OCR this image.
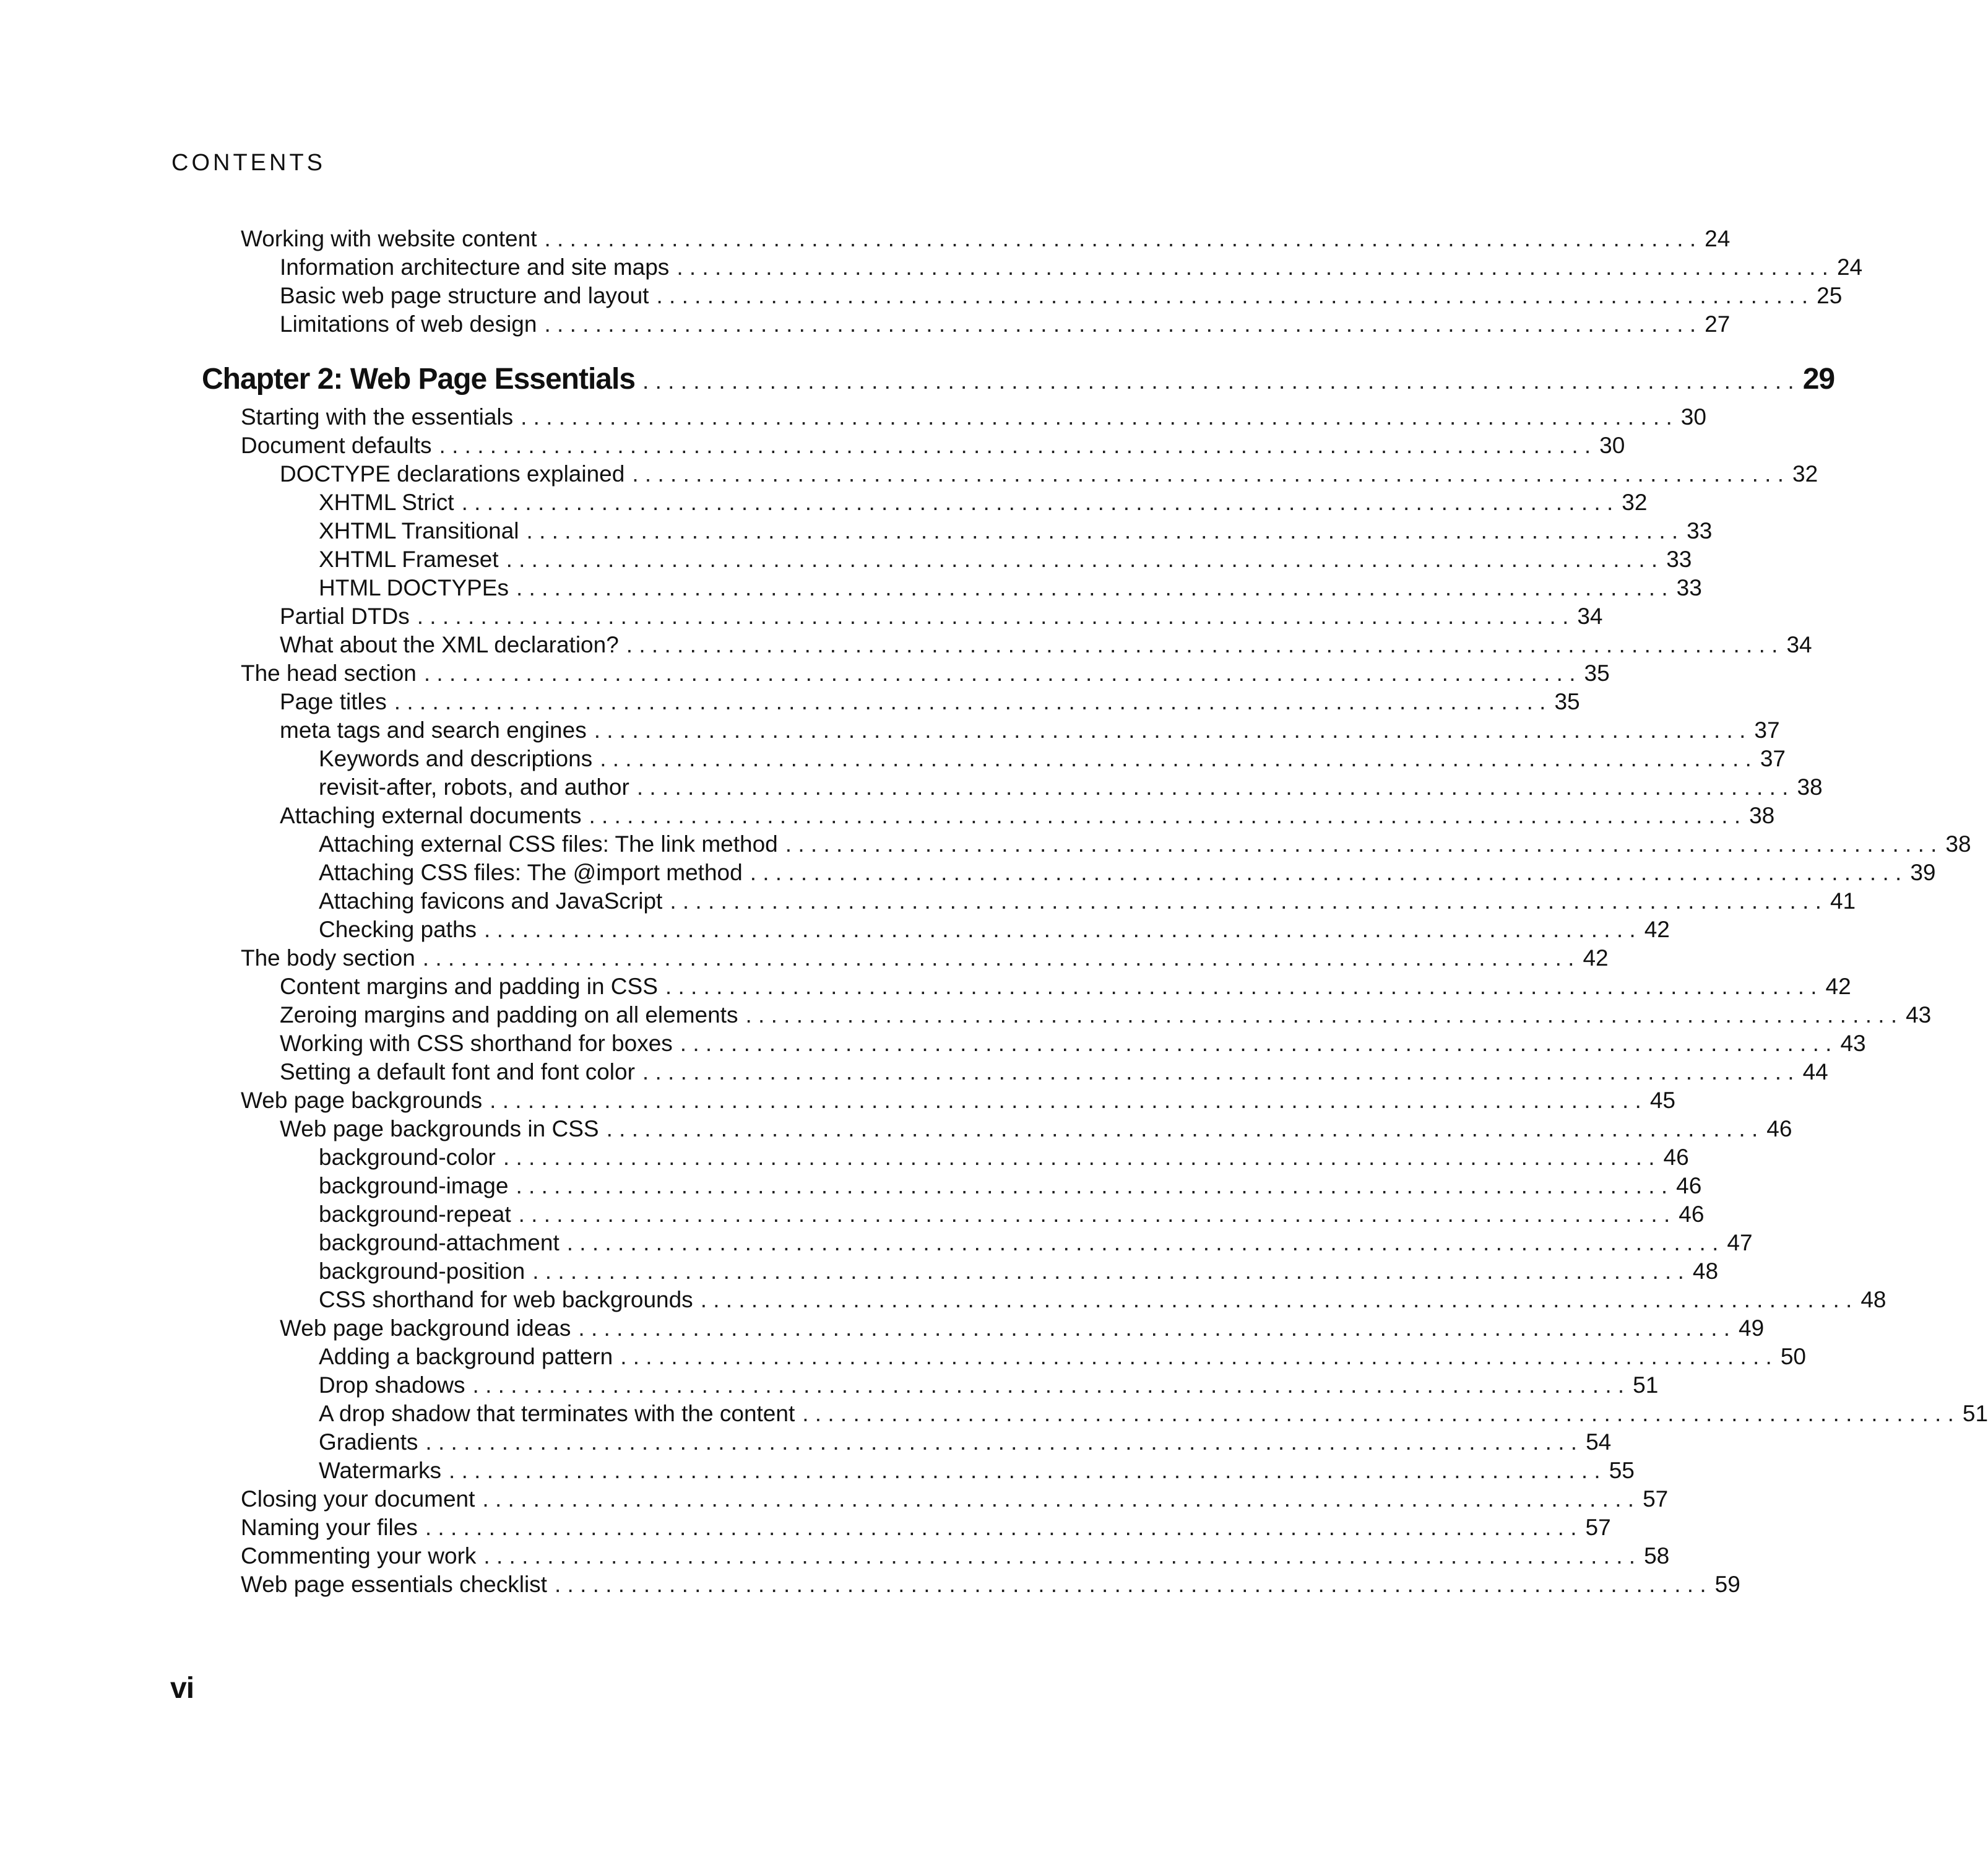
CONTENTS
Working with website content . . . . . . . . . . . . . . . . . . . . . . . . . . . . . . . . . . . . . . . . . . . . . . . . . . . . . . . . . . . . . . . . . . . . . . . . . . . . . . . . . . . . . . . . . . . 24
Information architecture and site maps . . . . . . . . . . . . . . . . . . . . . . . . . . . . . . . . . . . . . . . . . . . . . . . . . . . . . . . . . . . . . . . . . . . . . . . . . . . . . . . . . . . . . . . . . . . 24
Basic web page structure and layout . . . . . . . . . . . . . . . . . . . . . . . . . . . . . . . . . . . . . . . . . . . . . . . . . . . . . . . . . . . . . . . . . . . . . . . . . . . . . . . . . . . . . . . . . . . 25
Limitations of web design . . . . . . . . . . . . . . . . . . . . . . . . . . . . . . . . . . . . . . . . . . . . . . . . . . . . . . . . . . . . . . . . . . . . . . . . . . . . . . . . . . . . . . . . . . . 27
Chapter 2: Web Page Essentials . . . . . . . . . . . . . . . . . . . . . . . . . . . . . . . . . . . . . . . . . . . . . . . . . . . . . . . . . . . . . . . . . . . . . . . . . . . . . . . . . . . . . . . . . . . 29
Starting with the essentials . . . . . . . . . . . . . . . . . . . . . . . . . . . . . . . . . . . . . . . . . . . . . . . . . . . . . . . . . . . . . . . . . . . . . . . . . . . . . . . . . . . . . . . . . . . 30
Document defaults . . . . . . . . . . . . . . . . . . . . . . . . . . . . . . . . . . . . . . . . . . . . . . . . . . . . . . . . . . . . . . . . . . . . . . . . . . . . . . . . . . . . . . . . . . . 30
DOCTYPE declarations explained . . . . . . . . . . . . . . . . . . . . . . . . . . . . . . . . . . . . . . . . . . . . . . . . . . . . . . . . . . . . . . . . . . . . . . . . . . . . . . . . . . . . . . . . . . . 32
XHTML Strict . . . . . . . . . . . . . . . . . . . . . . . . . . . . . . . . . . . . . . . . . . . . . . . . . . . . . . . . . . . . . . . . . . . . . . . . . . . . . . . . . . . . . . . . . . . 32
XHTML Transitional . . . . . . . . . . . . . . . . . . . . . . . . . . . . . . . . . . . . . . . . . . . . . . . . . . . . . . . . . . . . . . . . . . . . . . . . . . . . . . . . . . . . . . . . . . . 33
XHTML Frameset . . . . . . . . . . . . . . . . . . . . . . . . . . . . . . . . . . . . . . . . . . . . . . . . . . . . . . . . . . . . . . . . . . . . . . . . . . . . . . . . . . . . . . . . . . . 33
HTML DOCTYPEs . . . . . . . . . . . . . . . . . . . . . . . . . . . . . . . . . . . . . . . . . . . . . . . . . . . . . . . . . . . . . . . . . . . . . . . . . . . . . . . . . . . . . . . . . . . 33
Partial DTDs . . . . . . . . . . . . . . . . . . . . . . . . . . . . . . . . . . . . . . . . . . . . . . . . . . . . . . . . . . . . . . . . . . . . . . . . . . . . . . . . . . . . . . . . . . . 34
What about the XML declaration? . . . . . . . . . . . . . . . . . . . . . . . . . . . . . . . . . . . . . . . . . . . . . . . . . . . . . . . . . . . . . . . . . . . . . . . . . . . . . . . . . . . . . . . . . . . 34
The head section . . . . . . . . . . . . . . . . . . . . . . . . . . . . . . . . . . . . . . . . . . . . . . . . . . . . . . . . . . . . . . . . . . . . . . . . . . . . . . . . . . . . . . . . . . . 35
Page titles . . . . . . . . . . . . . . . . . . . . . . . . . . . . . . . . . . . . . . . . . . . . . . . . . . . . . . . . . . . . . . . . . . . . . . . . . . . . . . . . . . . . . . . . . . . 35
meta tags and search engines . . . . . . . . . . . . . . . . . . . . . . . . . . . . . . . . . . . . . . . . . . . . . . . . . . . . . . . . . . . . . . . . . . . . . . . . . . . . . . . . . . . . . . . . . . . 37
Keywords and descriptions . . . . . . . . . . . . . . . . . . . . . . . . . . . . . . . . . . . . . . . . . . . . . . . . . . . . . . . . . . . . . . . . . . . . . . . . . . . . . . . . . . . . . . . . . . . 37
revisit-after, robots, and author . . . . . . . . . . . . . . . . . . . . . . . . . . . . . . . . . . . . . . . . . . . . . . . . . . . . . . . . . . . . . . . . . . . . . . . . . . . . . . . . . . . . . . . . . . . 38
Attaching external documents . . . . . . . . . . . . . . . . . . . . . . . . . . . . . . . . . . . . . . . . . . . . . . . . . . . . . . . . . . . . . . . . . . . . . . . . . . . . . . . . . . . . . . . . . . . 38
Attaching external CSS files: The link method . . . . . . . . . . . . . . . . . . . . . . . . . . . . . . . . . . . . . . . . . . . . . . . . . . . . . . . . . . . . . . . . . . . . . . . . . . . . . . . . . . . . . . . . . . . 38
Attaching CSS files: The @import method . . . . . . . . . . . . . . . . . . . . . . . . . . . . . . . . . . . . . . . . . . . . . . . . . . . . . . . . . . . . . . . . . . . . . . . . . . . . . . . . . . . . . . . . . . . 39
Attaching favicons and JavaScript . . . . . . . . . . . . . . . . . . . . . . . . . . . . . . . . . . . . . . . . . . . . . . . . . . . . . . . . . . . . . . . . . . . . . . . . . . . . . . . . . . . . . . . . . . . 41
Checking paths . . . . . . . . . . . . . . . . . . . . . . . . . . . . . . . . . . . . . . . . . . . . . . . . . . . . . . . . . . . . . . . . . . . . . . . . . . . . . . . . . . . . . . . . . . . 42
The body section . . . . . . . . . . . . . . . . . . . . . . . . . . . . . . . . . . . . . . . . . . . . . . . . . . . . . . . . . . . . . . . . . . . . . . . . . . . . . . . . . . . . . . . . . . . 42
Content margins and padding in CSS . . . . . . . . . . . . . . . . . . . . . . . . . . . . . . . . . . . . . . . . . . . . . . . . . . . . . . . . . . . . . . . . . . . . . . . . . . . . . . . . . . . . . . . . . . . 42
Zeroing margins and padding on all elements . . . . . . . . . . . . . . . . . . . . . . . . . . . . . . . . . . . . . . . . . . . . . . . . . . . . . . . . . . . . . . . . . . . . . . . . . . . . . . . . . . . . . . . . . . . 43
Working with CSS shorthand for boxes . . . . . . . . . . . . . . . . . . . . . . . . . . . . . . . . . . . . . . . . . . . . . . . . . . . . . . . . . . . . . . . . . . . . . . . . . . . . . . . . . . . . . . . . . . . 43
Setting a default font and font color . . . . . . . . . . . . . . . . . . . . . . . . . . . . . . . . . . . . . . . . . . . . . . . . . . . . . . . . . . . . . . . . . . . . . . . . . . . . . . . . . . . . . . . . . . . 44
Web page backgrounds . . . . . . . . . . . . . . . . . . . . . . . . . . . . . . . . . . . . . . . . . . . . . . . . . . . . . . . . . . . . . . . . . . . . . . . . . . . . . . . . . . . . . . . . . . . 45
Web page backgrounds in CSS . . . . . . . . . . . . . . . . . . . . . . . . . . . . . . . . . . . . . . . . . . . . . . . . . . . . . . . . . . . . . . . . . . . . . . . . . . . . . . . . . . . . . . . . . . . 46
background-color . . . . . . . . . . . . . . . . . . . . . . . . . . . . . . . . . . . . . . . . . . . . . . . . . . . . . . . . . . . . . . . . . . . . . . . . . . . . . . . . . . . . . . . . . . . 46
background-image . . . . . . . . . . . . . . . . . . . . . . . . . . . . . . . . . . . . . . . . . . . . . . . . . . . . . . . . . . . . . . . . . . . . . . . . . . . . . . . . . . . . . . . . . . . 46
background-repeat . . . . . . . . . . . . . . . . . . . . . . . . . . . . . . . . . . . . . . . . . . . . . . . . . . . . . . . . . . . . . . . . . . . . . . . . . . . . . . . . . . . . . . . . . . . 46
background-attachment . . . . . . . . . . . . . . . . . . . . . . . . . . . . . . . . . . . . . . . . . . . . . . . . . . . . . . . . . . . . . . . . . . . . . . . . . . . . . . . . . . . . . . . . . . . 47
background-position . . . . . . . . . . . . . . . . . . . . . . . . . . . . . . . . . . . . . . . . . . . . . . . . . . . . . . . . . . . . . . . . . . . . . . . . . . . . . . . . . . . . . . . . . . . 48
CSS shorthand for web backgrounds . . . . . . . . . . . . . . . . . . . . . . . . . . . . . . . . . . . . . . . . . . . . . . . . . . . . . . . . . . . . . . . . . . . . . . . . . . . . . . . . . . . . . . . . . . . 48
Web page background ideas . . . . . . . . . . . . . . . . . . . . . . . . . . . . . . . . . . . . . . . . . . . . . . . . . . . . . . . . . . . . . . . . . . . . . . . . . . . . . . . . . . . . . . . . . . . 49
Adding a background pattern . . . . . . . . . . . . . . . . . . . . . . . . . . . . . . . . . . . . . . . . . . . . . . . . . . . . . . . . . . . . . . . . . . . . . . . . . . . . . . . . . . . . . . . . . . . 50
Drop shadows . . . . . . . . . . . . . . . . . . . . . . . . . . . . . . . . . . . . . . . . . . . . . . . . . . . . . . . . . . . . . . . . . . . . . . . . . . . . . . . . . . . . . . . . . . . 51
A drop shadow that terminates with the content . . . . . . . . . . . . . . . . . . . . . . . . . . . . . . . . . . . . . . . . . . . . . . . . . . . . . . . . . . . . . . . . . . . . . . . . . . . . . . . . . . . . . . . . . . . 51
Gradients . . . . . . . . . . . . . . . . . . . . . . . . . . . . . . . . . . . . . . . . . . . . . . . . . . . . . . . . . . . . . . . . . . . . . . . . . . . . . . . . . . . . . . . . . . . 54
Watermarks . . . . . . . . . . . . . . . . . . . . . . . . . . . . . . . . . . . . . . . . . . . . . . . . . . . . . . . . . . . . . . . . . . . . . . . . . . . . . . . . . . . . . . . . . . . 55
Closing your document . . . . . . . . . . . . . . . . . . . . . . . . . . . . . . . . . . . . . . . . . . . . . . . . . . . . . . . . . . . . . . . . . . . . . . . . . . . . . . . . . . . . . . . . . . . 57
Naming your files . . . . . . . . . . . . . . . . . . . . . . . . . . . . . . . . . . . . . . . . . . . . . . . . . . . . . . . . . . . . . . . . . . . . . . . . . . . . . . . . . . . . . . . . . . . 57
Commenting your work . . . . . . . . . . . . . . . . . . . . . . . . . . . . . . . . . . . . . . . . . . . . . . . . . . . . . . . . . . . . . . . . . . . . . . . . . . . . . . . . . . . . . . . . . . . 58
Web page essentials checklist . . . . . . . . . . . . . . . . . . . . . . . . . . . . . . . . . . . . . . . . . . . . . . . . . . . . . . . . . . . . . . . . . . . . . . . . . . . . . . . . . . . . . . . . . . . 59
vi
